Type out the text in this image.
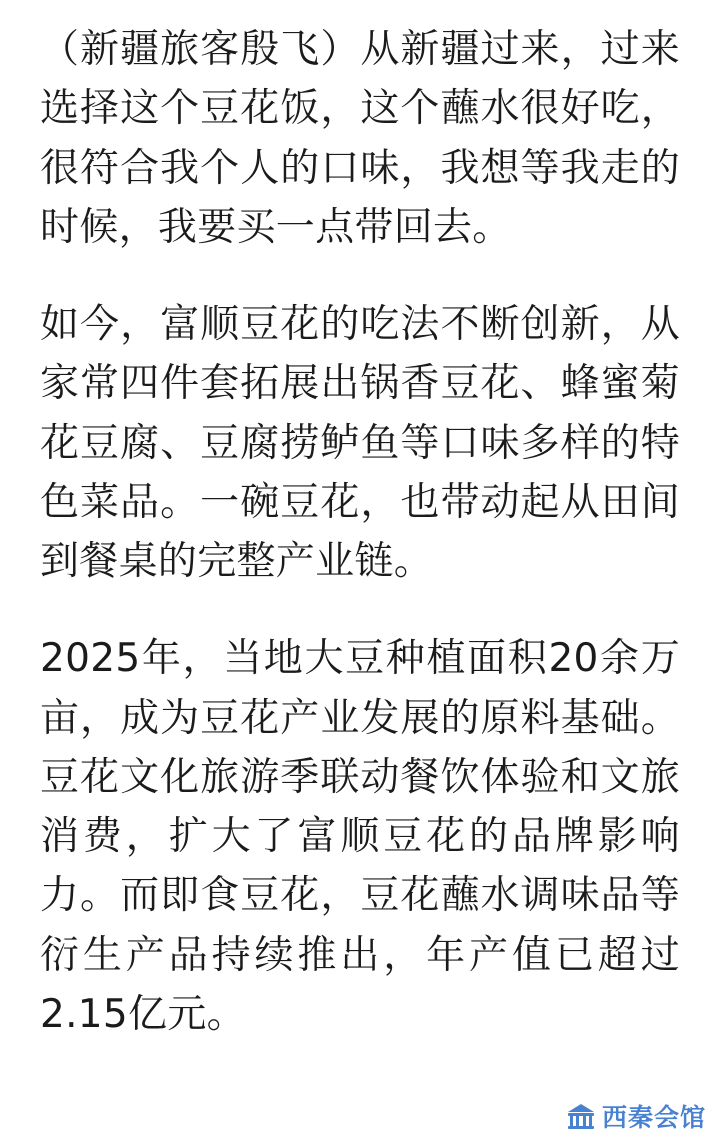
（新疆旅客殷飞）从新疆过来，过来选择这个豆花饭，这个蘸水很好吃，很符合我个人的口味，我想等我走的时候，我要买一点带回去。

如今，富顺豆花的吃法不断创新，从家常四件套拓展出锅香豆花、蜂蜜菊花豆腐、豆腐捞鲈鱼等口味多样的特色菜品。一碗豆花，也带动起从田间到餐桌的完整产业链。

2025年，当地大豆种植面积20余万亩，成为豆花产业发展的原料基础。豆花文化旅游季联动餐饮体验和文旅消费，扩大了富顺豆花的品牌影响力。而即食豆花，豆花蘸水调味品等衍生产品持续推出，年产值已超过2.15亿元。

西秦会馆
